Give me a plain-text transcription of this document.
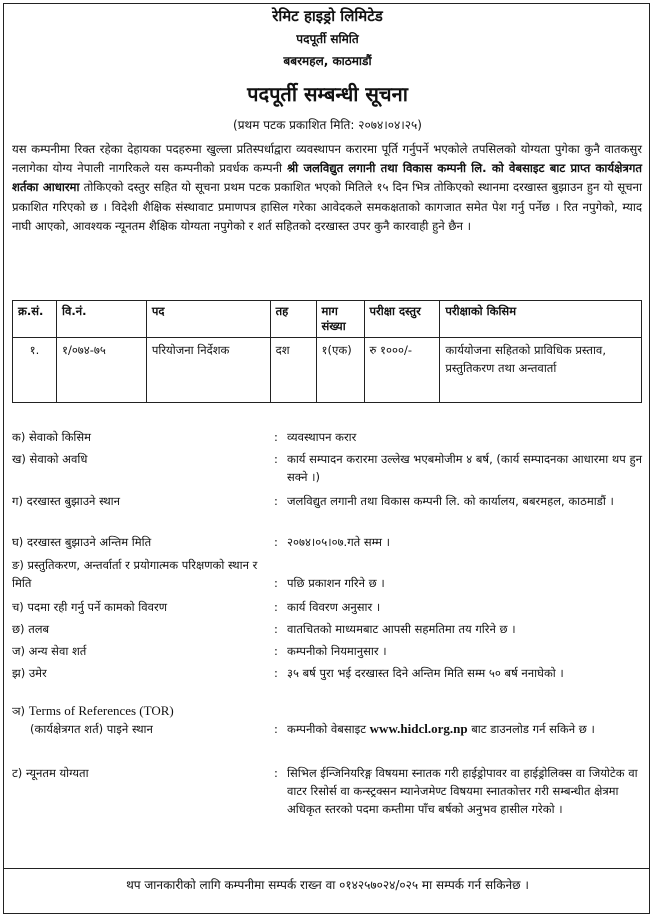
रेमिट हाइड्रो लिमिटेड
पदपूर्ती समिति
बबरमहल, काठमाडौं
पदपूर्ती सम्बन्धी सूचना
(प्रथम पटक प्रकाशित मिति: २०७४।०४।२५)
यस कम्पनीमा रिक्त रहेका देहायका पदहरुमा खुल्ला प्रतिस्पर्धाद्वारा व्यवस्थापन करारमा पूर्ति गर्नुपर्ने भएकोले तपसिलको योग्यता पुगेका कुनै वातकसुर नलागेका योग्य नेपाली नागरिकले यस कम्पनीको प्रवर्धक कम्पनी श्री जलविद्युत लगानी तथा विकास कम्पनी लि. को वेबसाइट बाट प्राप्त कार्यक्षेत्रगत शर्तका आधारमा तोकिएको दस्तुर सहित यो सूचना प्रथम पटक प्रकाशित भएको मितिले १५ दिन भित्र तोकिएको स्थानमा दरखास्त बुझाउन हुन यो सूचना प्रकाशित गरिएको छ । विदेशी शैक्षिक संस्थावाट प्रमाणपत्र हासिल गरेका आवेदकले समकक्षताको कागजात समेत पेश गर्नु पर्नेछ । रित नपुगेको, म्याद नाघी आएको, आवश्यक न्यूनतम शैक्षिक योग्यता नपुगेको र शर्त सहितको दरखास्त उपर कुनै कारवाही हुने छैन ।
क्र.सं.	वि.नं.	पद	तह	माग संख्या	परीक्षा दस्तुर	परीक्षाको किसिम
१.	१/०७४-७५	परियोजना निर्देशक	दश	१(एक)	रु १०००/-	कार्ययोजना सहितको प्राविधिक प्रस्ताव, प्रस्तुतिकरण तथा अन्तवार्ता
क) सेवाको किसिम	: व्यवस्थापन करार
ख) सेवाको अवधि	: कार्य सम्पादन करारमा उल्लेख भएबमोजीम ४ बर्ष, (कार्य सम्पादनका आधारमा थप हुन सक्ने ।)
ग) दरखास्त बुझाउने स्थान	: जलविद्युत लगानी तथा विकास कम्पनी लि. को कार्यालय, बबरमहल, काठमाडौं ।
घ) दरखास्त बुझाउने अन्तिम मिति	: २०७४।०५।०७.गते सम्म ।
ङ) प्रस्तुतिकरण, अन्तर्वार्ता र प्रयोगात्मक परिक्षणको स्थान र मिति	: पछि प्रकाशन गरिने छ ।
च) पदमा रही गर्नु पर्ने कामको विवरण	: कार्य विवरण अनुसार ।
छ) तलब	: वातचितको माध्यमबाट आपसी सहमतिमा तय गरिने छ ।
ज) अन्य सेवा शर्त	: कम्पनीको नियमानुसार ।
झ) उमेर	: ३५ बर्ष पुरा भई दरखास्त दिने अन्तिम मिति सम्म ५० बर्ष ननाघेको ।
ञ) Terms of References (TOR)
(कार्यक्षेत्रगत शर्त) पाइने स्थान	: कम्पनीको वेबसाइट www.hidcl.org.np बाट डाउनलोड गर्न सकिने छ ।
ट) न्यूनतम योग्यता	: सिभिल ईन्जिनियरिङ्ग विषयमा स्नातक गरी हाईड्रोपावर वा हाईड्रोलिक्स वा जियोटेक वा वाटर रिसोर्स वा कन्स्ट्रक्सन म्यानेजमेण्ट विषयमा स्नातकोत्तर गरी सम्बन्धीत क्षेत्रमा अधिकृत स्तरको पदमा कम्तीमा पाँच बर्षको अनुभव हासील गरेको ।
थप जानकारीको लागि कम्पनीमा सम्पर्क राख्न वा ०१४२५७०२४/०२५ मा सम्पर्क गर्न सकिनेछ ।
